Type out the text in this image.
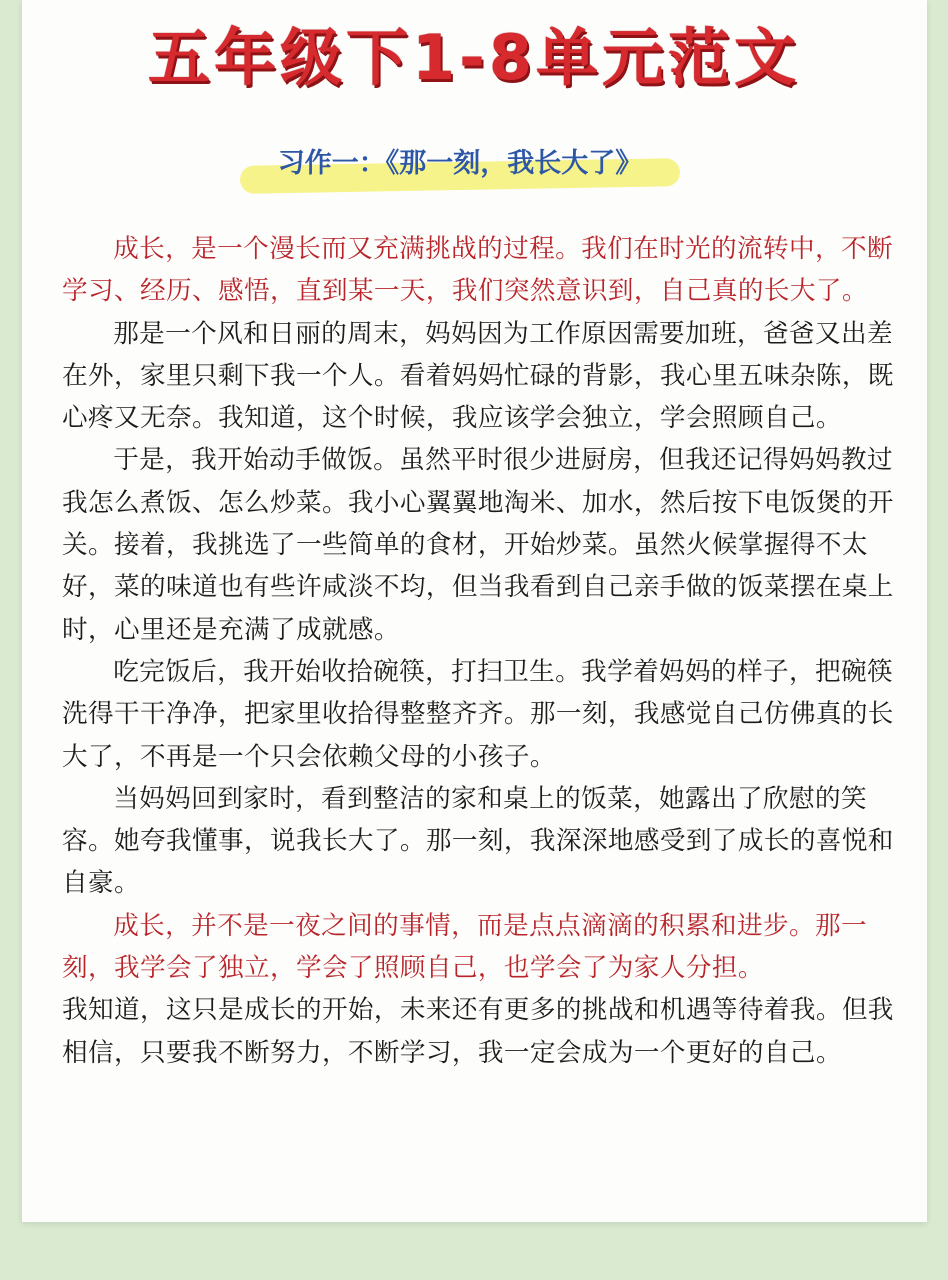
五年级下1-8单元范文
习作一：《那一刻，我长大了》

成长，是一个漫长而又充满挑战的过程。我们在时光的流转中，不断学习、经历、感悟，直到某一天，我们突然意识到，自己真的长大了。

那是一个风和日丽的周末，妈妈因为工作原因需要加班，爸爸又出差在外，家里只剩下我一个人。看着妈妈忙碌的背影，我心里五味杂陈，既心疼又无奈。我知道，这个时候，我应该学会独立，学会照顾自己。

于是，我开始动手做饭。虽然平时很少进厨房，但我还记得妈妈教过我怎么煮饭、怎么炒菜。我小心翼翼地淘米、加水，然后按下电饭煲的开关。接着，我挑选了一些简单的食材，开始炒菜。虽然火候掌握得不太好，菜的味道也有些许咸淡不均，但当我看到自己亲手做的饭菜摆在桌上时，心里还是充满了成就感。

吃完饭后，我开始收拾碗筷，打扫卫生。我学着妈妈的样子，把碗筷洗得干干净净，把家里收拾得整整齐齐。那一刻，我感觉自己仿佛真的长大了，不再是一个只会依赖父母的小孩子。

当妈妈回到家时，看到整洁的家和桌上的饭菜，她露出了欣慰的笑容。她夸我懂事，说我长大了。那一刻，我深深地感受到了成长的喜悦和自豪。

成长，并不是一夜之间的事情，而是点点滴滴的积累和进步。那一刻，我学会了独立，学会了照顾自己，也学会了为家人分担。

我知道，这只是成长的开始，未来还有更多的挑战和机遇等待着我。但我相信，只要我不断努力，不断学习，我一定会成为一个更好的自己。
